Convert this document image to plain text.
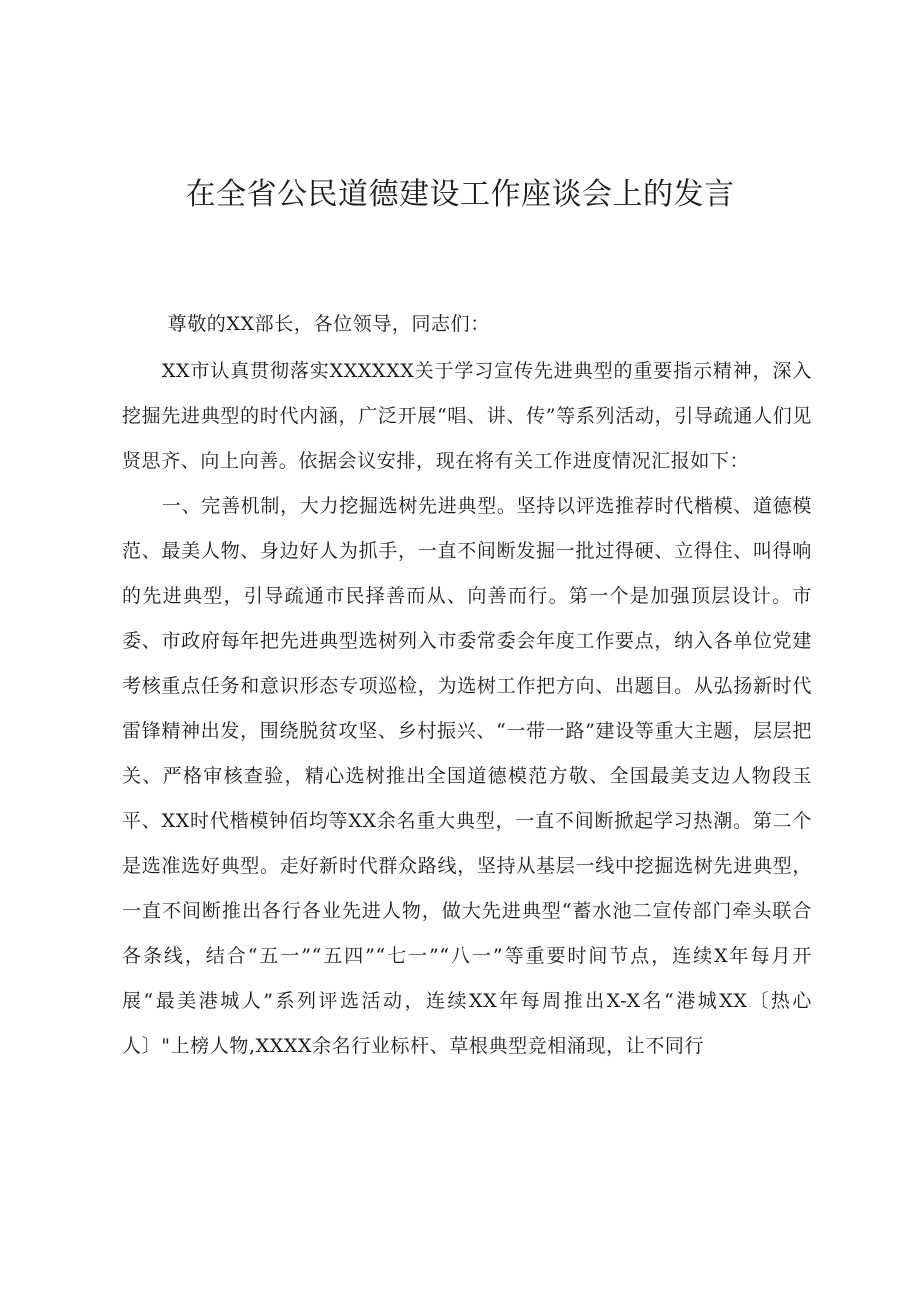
在全省公民道德建设工作座谈会上的发言

尊敬的XX部长，各位领导，同志们：

XX市认真贯彻落实XXXXXX关于学习宣传先进典型的重要指示精神，深入挖掘先进典型的时代内涵，广泛开展“唱、讲、传”等系列活动，引导疏通人们见贤思齐、向上向善。依据会议安排，现在将有关工作进度情况汇报如下：

一、完善机制，大力挖掘选树先进典型。坚持以评选推荐时代楷模、道德模范、最美人物、身边好人为抓手，一直不间断发掘一批过得硬、立得住、叫得响的先进典型，引导疏通市民择善而从、向善而行。第一个是加强顶层设计。市委、市政府每年把先进典型选树列入市委常委会年度工作要点，纳入各单位党建考核重点任务和意识形态专项巡检，为选树工作把方向、出题目。从弘扬新时代雷锋精神出发，围绕脱贫攻坚、乡村振兴、“一带一路”建设等重大主题，层层把关、严格审核查验，精心选树推出全国道德模范方敬、全国最美支边人物段玉平、XX时代楷模钟佰均等XX余名重大典型，一直不间断掀起学习热潮。第二个是选准选好典型。走好新时代群众路线，坚持从基层一线中挖掘选树先进典型，一直不间断推出各行各业先进人物，做大先进典型“蓄水池二宣传部门牵头联合各条线，结合“五一”“五四”“七一”“八一”等重要时间节点，连续X年每月开展“最美港城人”系列评选活动，连续XX年每周推出X-X名“港城XX〔热心人〕"上榜人物,XXXX余名行业标杆、草根典型竞相涌现，让不同行
